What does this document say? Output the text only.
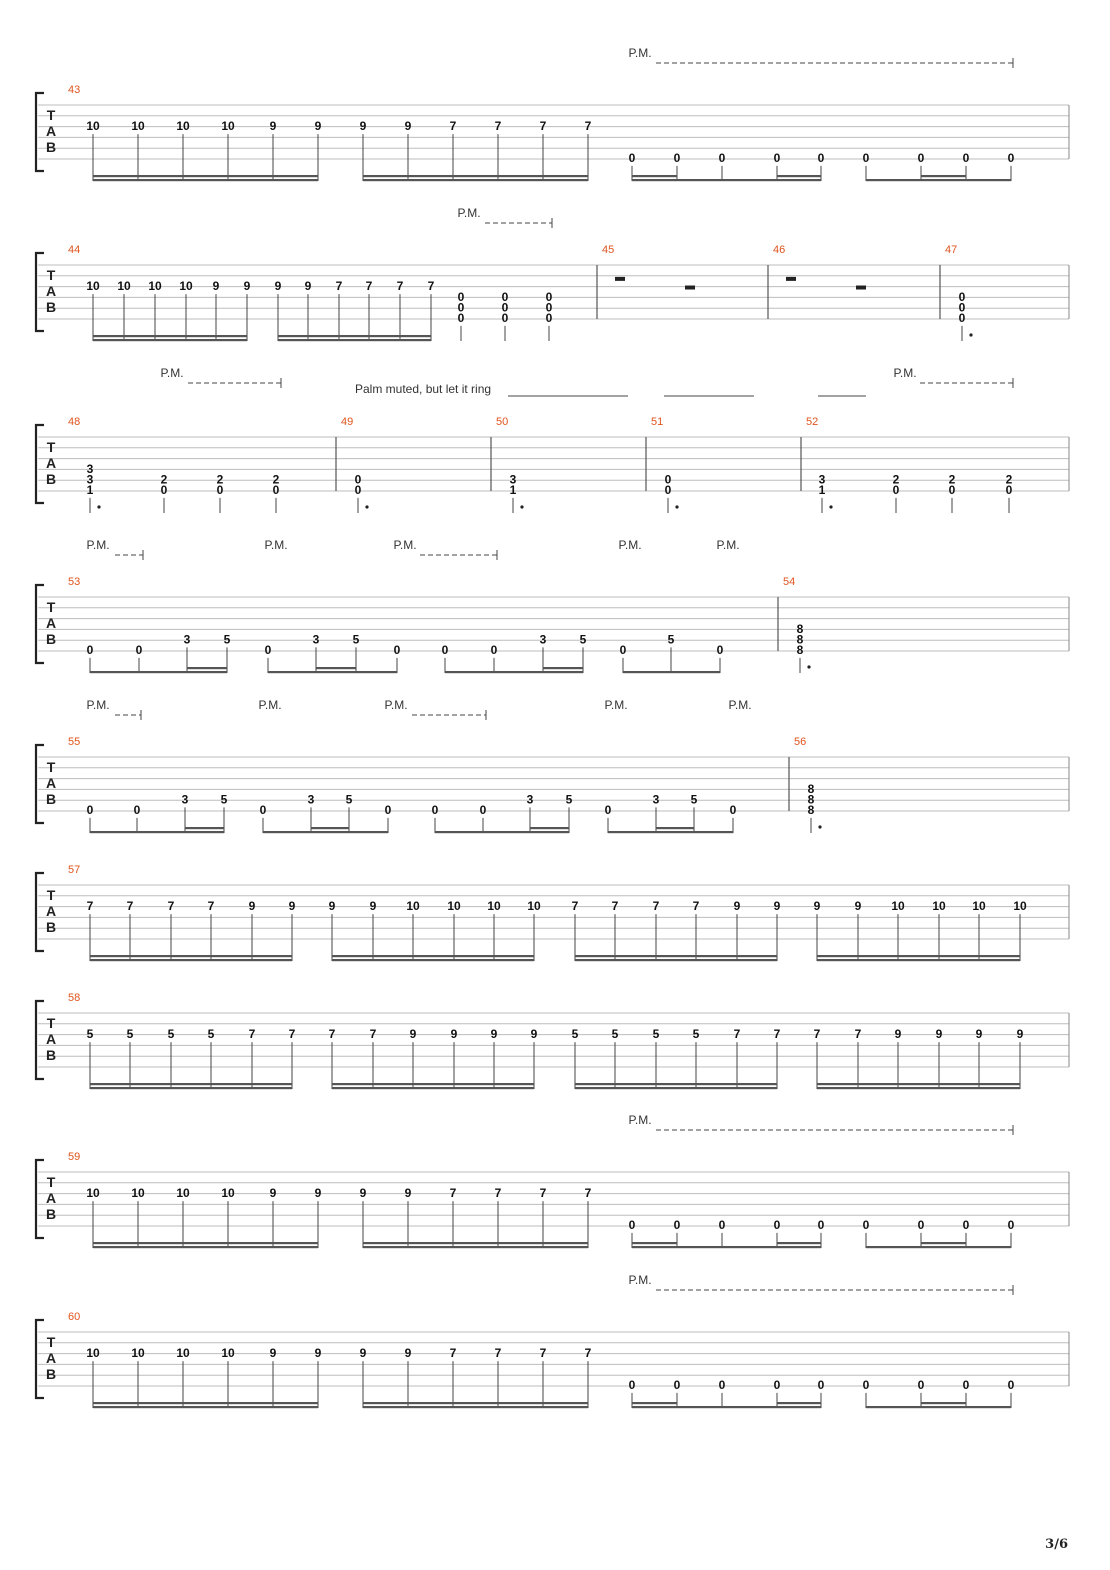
T
A
B
P.M.
43
10	10	10	10	9	9	9	9	7	7	7	7
0	0	0	0	0	0	0	0	0
T
A
B
P.M.
44
10 10 10 10 9 9 9 9 7 7 7 7
0
0
0
0
0
0
0
0
0
45	46	47
0
0
0
T
A
B
P.M.	P.M.
Palm muted, but let it ring
48
3
3
1
2
0
2
0
2
0
49
0
0
50
3
1
51
0
0
52
3
1
2
0
2
0
2
0
T
A
B
P.M.	P.M.	P.M.	P.M.	P.M.
53
0	0
3	5
0
3	5
0	0	0
3	5
0
5
0
54
8
8
8
T
A
B
P.M.	P.M.	P.M.	P.M.	P.M.
55
0	0
3	5
0
3	5
0	0	0
3	5
0
3	5
0
56
8
8
8
T
A
B
57
7	7	7	7	9	9	9	9 10 10 10 10	7	7	7	7	9	9	9	9 10 10 10 10
T
A
B
58
5	5	5	5	7	7	7	7	9	9	9	9	5	5	5	5	7	7	7	7	9	9	9	9
T
A
B
P.M.
59
10	10	10	10	9	9	9	9	7	7	7	7
0	0	0	0	0	0	0	0	0
T
A
B
P.M.
60
10	10	10	10	9	9	9	9	7	7	7	7
0	0	0	0	0	0	0	0	0
3/6
